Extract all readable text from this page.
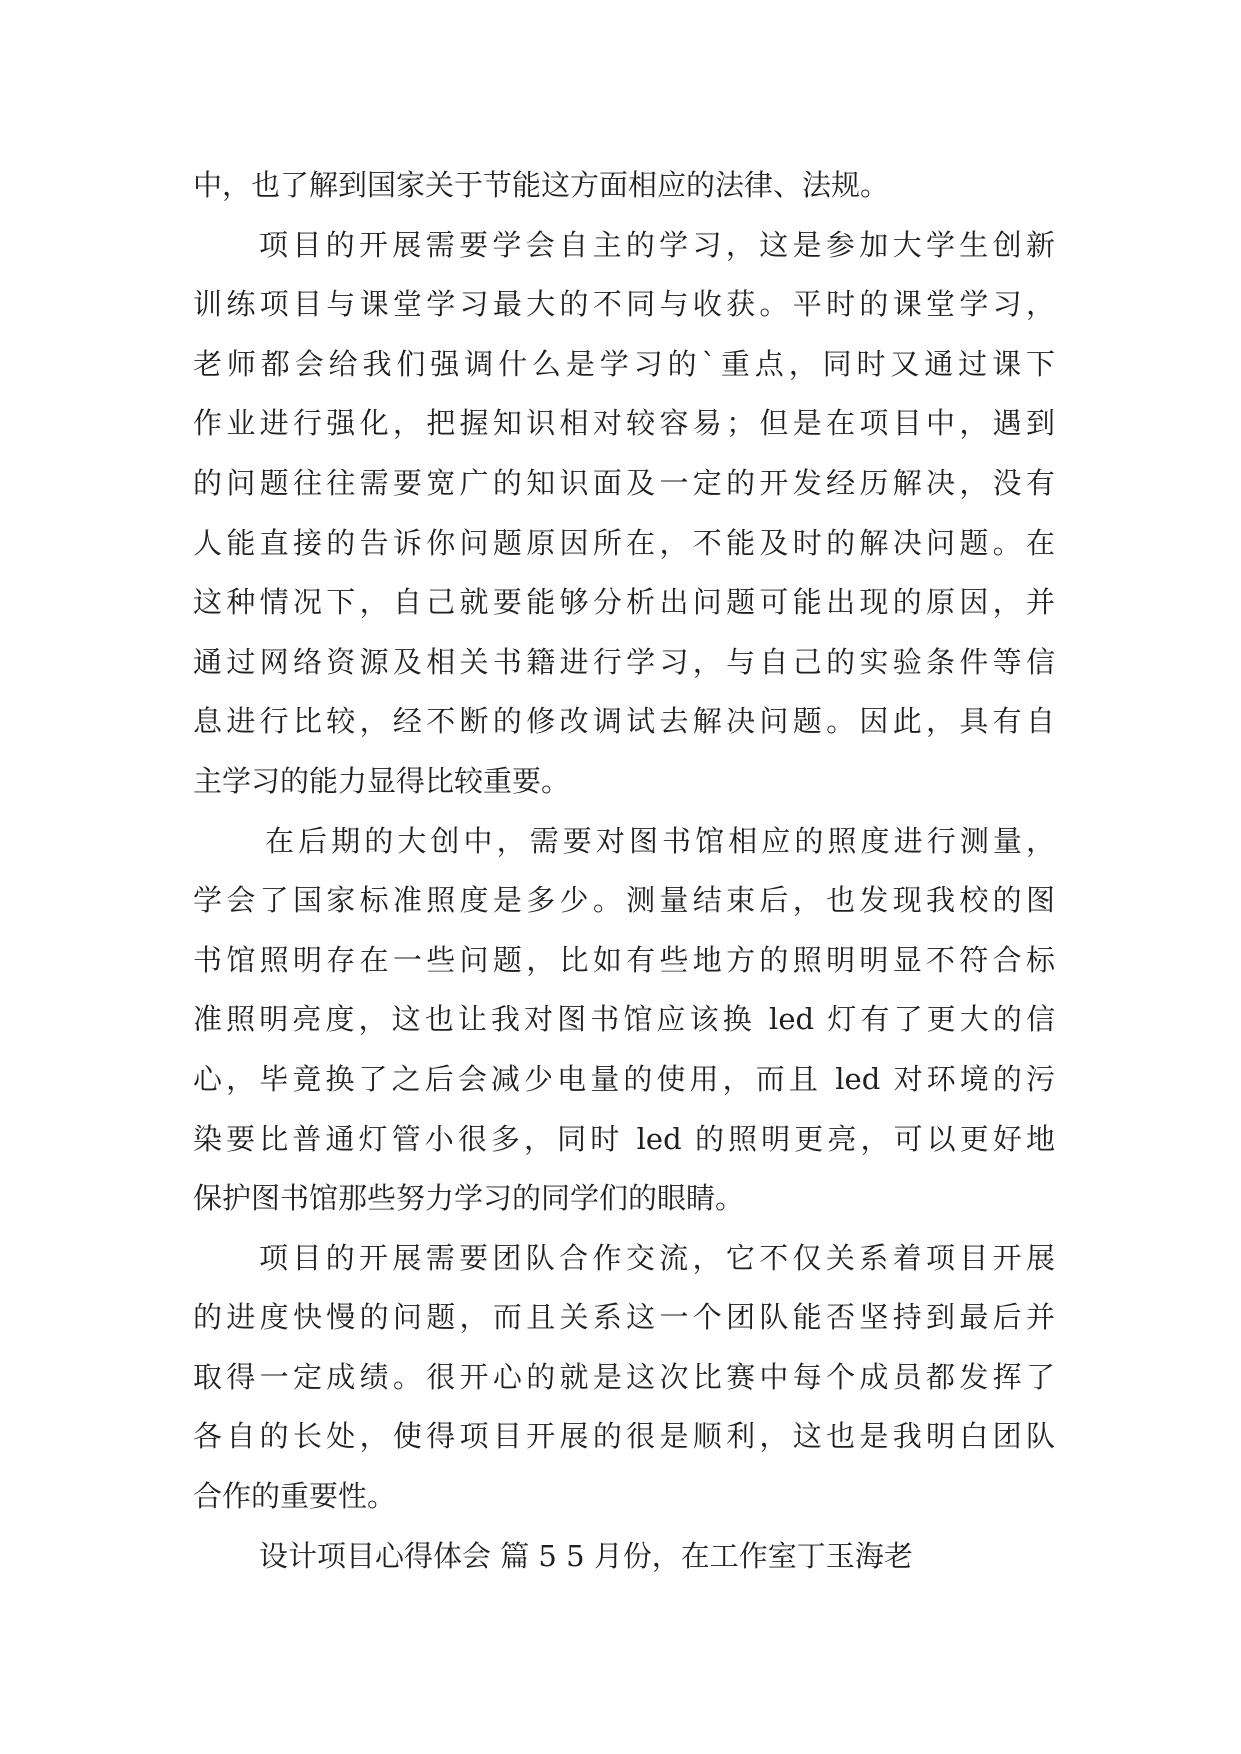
中，也了解到国家关于节能这方面相应的法律、法规。
项目的开展需要学会自主的学习，这是参加大学生创新
训练项目与课堂学习最大的不同与收获。平时的课堂学习，
老师都会给我们强调什么是学习的`重点，同时又通过课下
作业进行强化，把握知识相对较容易；但是在项目中，遇到
的问题往往需要宽广的知识面及一定的开发经历解决，没有
人能直接的告诉你问题原因所在，不能及时的解决问题。在
这种情况下，自己就要能够分析出问题可能出现的原因，并
通过网络资源及相关书籍进行学习，与自己的实验条件等信
息进行比较，经不断的修改调试去解决问题。因此，具有自
主学习的能力显得比较重要。
在后期的大创中，需要对图书馆相应的照度进行测量，
学会了国家标准照度是多少。测量结束后，也发现我校的图
书馆照明存在一些问题，比如有些地方的照明明显不符合标
准照明亮度，这也让我对图书馆应该换 led 灯有了更大的信
心，毕竟换了之后会减少电量的使用，而且 led 对环境的污
染要比普通灯管小很多，同时 led 的照明更亮，可以更好地
保护图书馆那些努力学习的同学们的眼睛。
项目的开展需要团队合作交流，它不仅关系着项目开展
的进度快慢的问题，而且关系这一个团队能否坚持到最后并
取得一定成绩。很开心的就是这次比赛中每个成员都发挥了
各自的长处，使得项目开展的很是顺利，这也是我明白团队
合作的重要性。
设计项目心得体会 篇 5 5 月份，在工作室丁玉海老
